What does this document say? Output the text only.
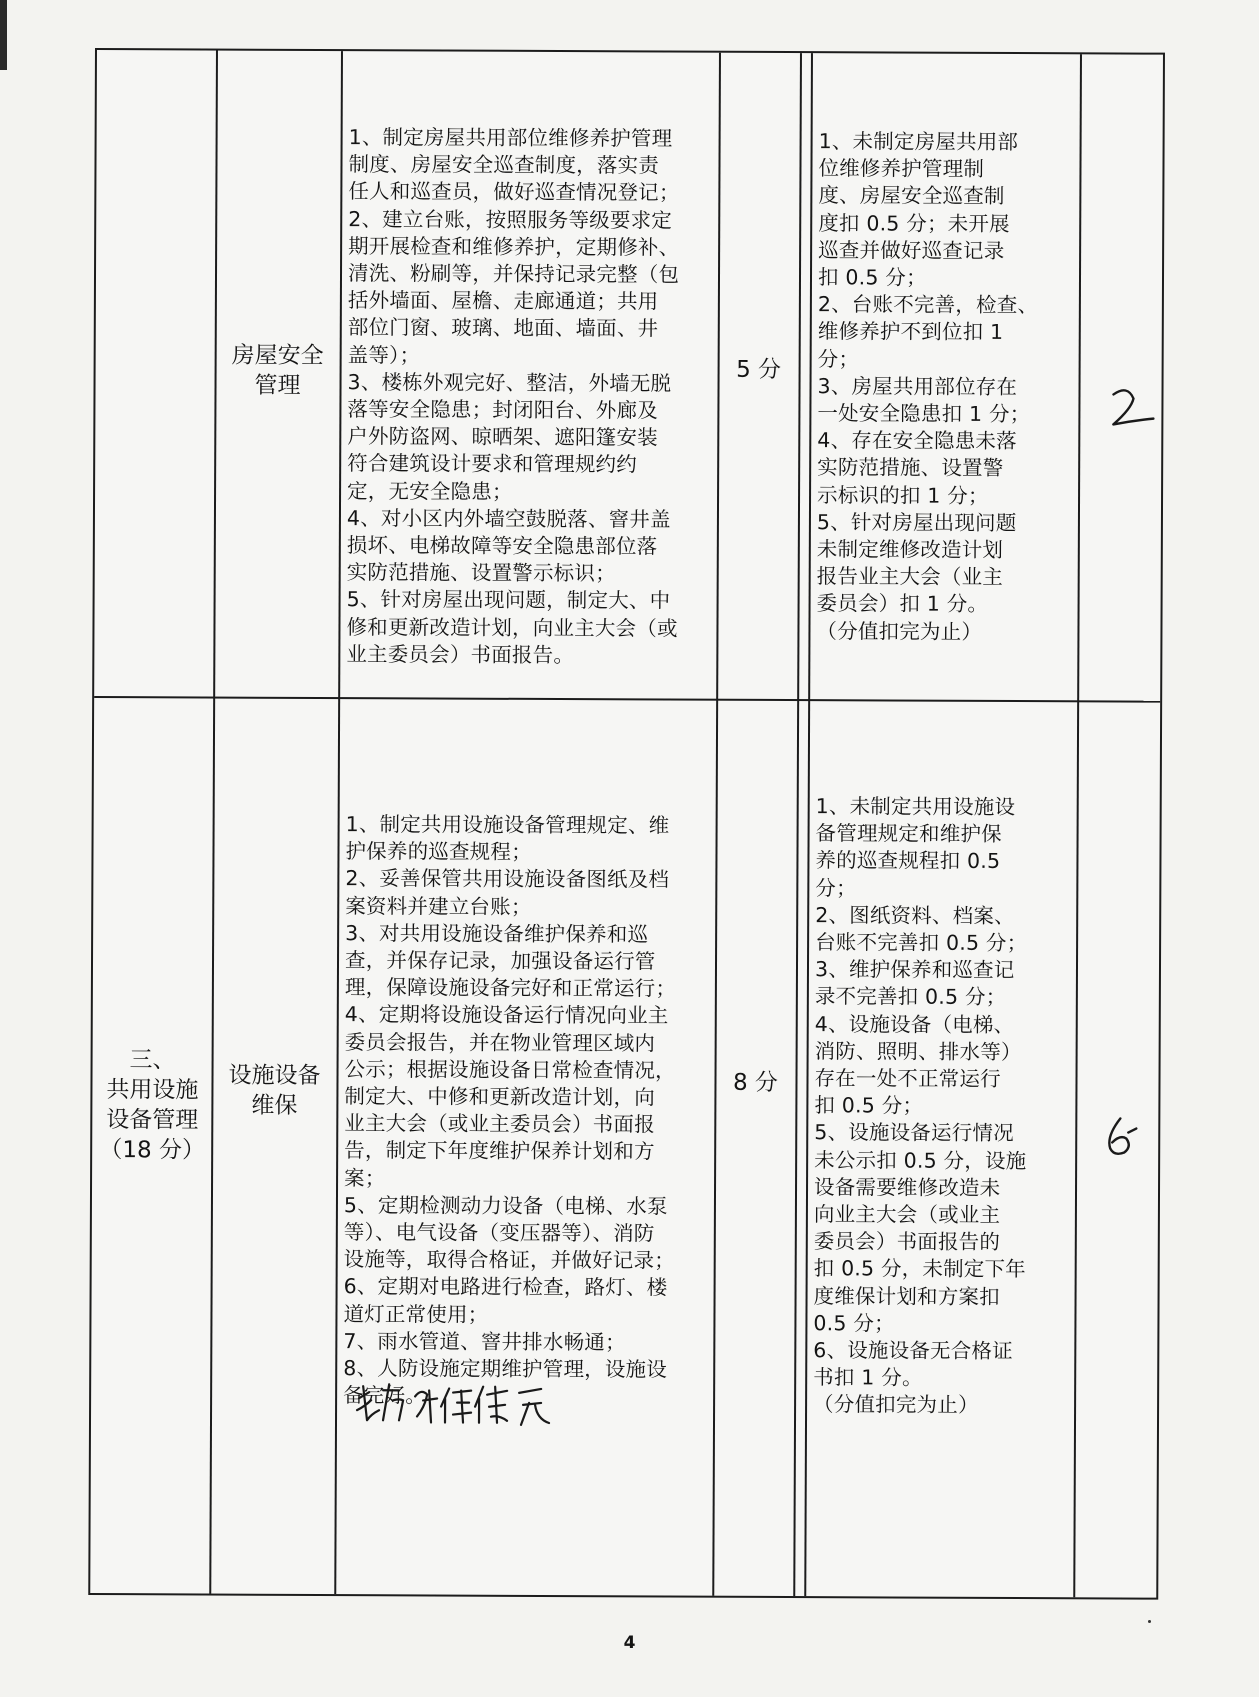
房屋安全
管理
1、制定房屋共用部位维修养护管理
制度、房屋安全巡查制度，落实责
任人和巡查员，做好巡查情况登记；
2、建立台账，按照服务等级要求定
期开展检查和维修养护，定期修补、
清洗、粉刷等，并保持记录完整（包
括外墙面、屋檐、走廊通道；共用
部位门窗、玻璃、地面、墙面、井
盖等）；
3、楼栋外观完好、整洁，外墙无脱
落等安全隐患；封闭阳台、外廊及
户外防盗网、晾晒架、遮阳篷安装
符合建筑设计要求和管理规约约
定，无安全隐患；
4、对小区内外墙空鼓脱落、窨井盖
损坏、电梯故障等安全隐患部位落
实防范措施、设置警示标识；
5、针对房屋出现问题，制定大、中
修和更新改造计划，向业主大会（或
业主委员会）书面报告。
5 分
1、未制定房屋共用部
位维修养护管理制
度、房屋安全巡查制
度扣 0.5 分；未开展
巡查并做好巡查记录
扣 0.5 分；
2、台账不完善，检查、
维修养护不到位扣 1
分；
3、房屋共用部位存在
一处安全隐患扣 1 分；
4、存在安全隐患未落
实防范措施、设置警
示标识的扣 1 分；
5、针对房屋出现问题
未制定维修改造计划
报告业主大会（业主
委员会）扣 1 分。
（分值扣完为止）
三、
共用设施
设备管理
（18 分）
设施设备
维保
1、制定共用设施设备管理规定、维
护保养的巡查规程；
2、妥善保管共用设施设备图纸及档
案资料并建立台账；
3、对共用设施设备维护保养和巡
查，并保存记录，加强设备运行管
理，保障设施设备完好和正常运行；
4、定期将设施设备运行情况向业主
委员会报告，并在物业管理区域内
公示；根据设施设备日常检查情况，
制定大、中修和更新改造计划，向
业主大会（或业主委员会）书面报
告，制定下年度维护保养计划和方
案；
5、定期检测动力设备（电梯、水泵
等）、电气设备（变压器等）、消防
设施等，取得合格证，并做好记录；
6、定期对电路进行检查，路灯、楼
道灯正常使用；
7、雨水管道、窨井排水畅通；
8、人防设施定期维护管理，设施设
备完好。
8 分
1、未制定共用设施设
备管理规定和维护保
养的巡查规程扣 0.5
分；
2、图纸资料、档案、
台账不完善扣 0.5 分；
3、维护保养和巡查记
录不完善扣 0.5 分；
4、设施设备（电梯、
消防、照明、排水等）
存在一处不正常运行
扣 0.5 分；
5、设施设备运行情况
未公示扣 0.5 分，设施
设备需要维修改造未
向业主大会（或业主
委员会）书面报告的
扣 0.5 分，未制定下年
度维保计划和方案扣
0.5 分；
6、设施设备无合格证
书扣 1 分。
（分值扣完为止）
4
